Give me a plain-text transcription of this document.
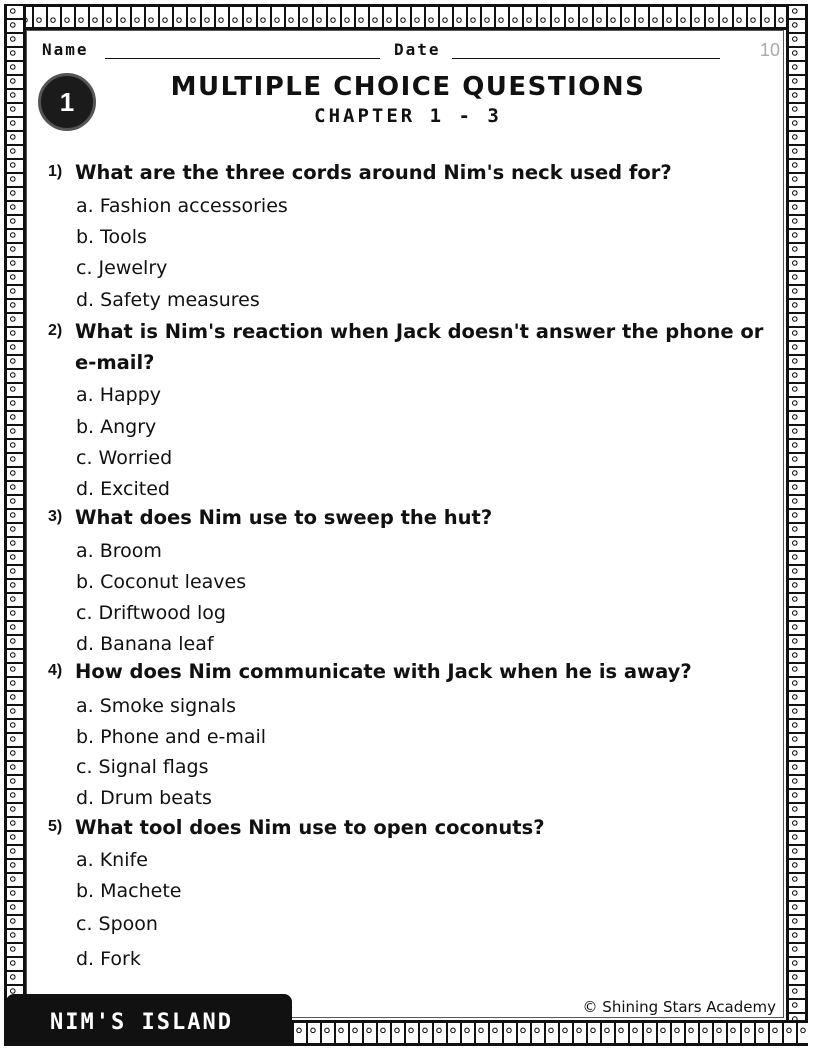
Name	Date	10
1	MULTIPLE CHOICE QUESTIONS
CHAPTER 1 - 3
1) What are the three cords around Nim's neck used for?
a. Fashion accessories
b. Tools
c. Jewelry
d. Safety measures
2) What is Nim's reaction when Jack doesn't answer the phone or e-mail?
a. Happy
b. Angry
c. Worried
d. Excited
3) What does Nim use to sweep the hut?
a. Broom
b. Coconut leaves
c. Driftwood log
d. Banana leaf
4) How does Nim communicate with Jack when he is away?
a. Smoke signals
b. Phone and e-mail
c. Signal flags
d. Drum beats
5) What tool does Nim use to open coconuts?
a. Knife
b. Machete
c. Spoon
d. Fork
NIM'S ISLAND
© Shining Stars Academy
